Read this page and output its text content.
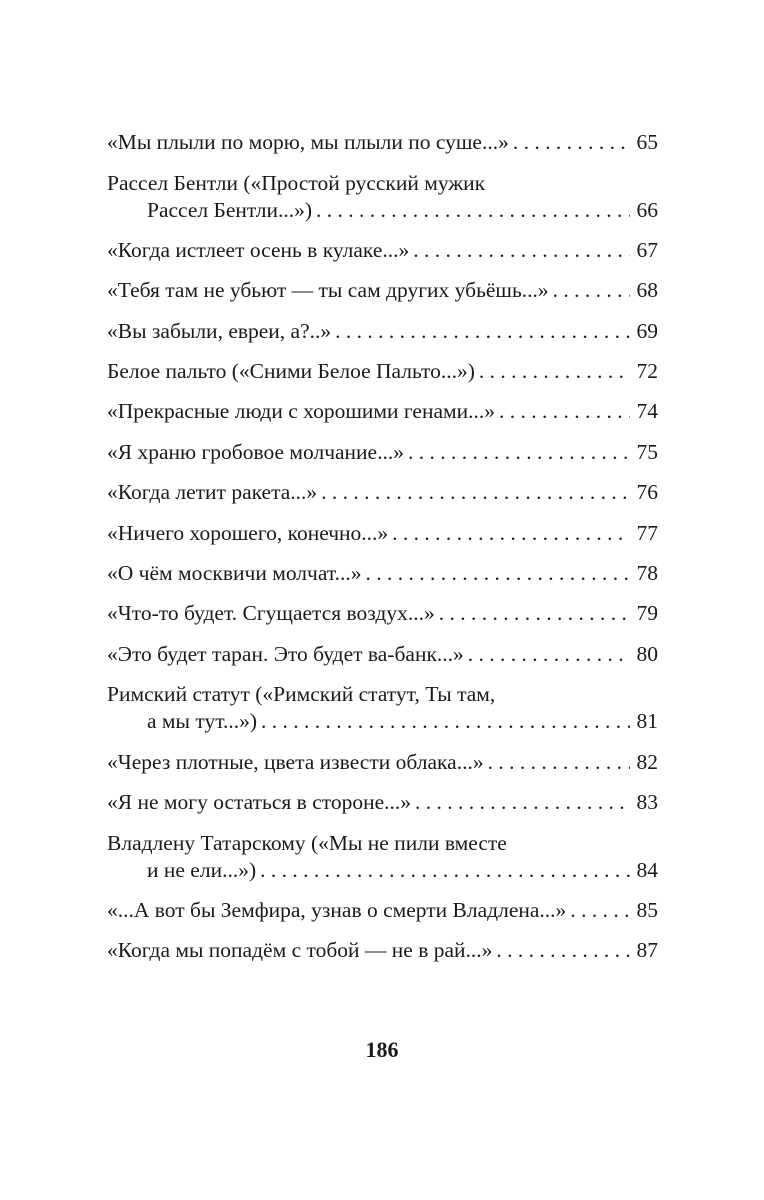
«Мы плыли по морю, мы плыли по суше...» . . .	65
Рассел Бентли («Простой русский мужик
Рассел Бентли...») . . .	66
«Когда истлеет осень в кулаке...» . . .	67
«Тебя там не убьют — ты сам других убьёшь...» . . .	68
«Вы забыли, евреи, а?..» . . .	69
Белое пальто («Сними Белое Пальто...») . . .	72
«Прекрасные люди с хорошими генами...» . . .	74
«Я храню гробовое молчание...» . . .	75
«Когда летит ракета...» . . .	76
«Ничего хорошего, конечно...» . . .	77
«О чём москвичи молчат...» . . .	78
«Что-то будет. Сгущается воздух...» . . .	79
«Это будет таран. Это будет ва-банк...» . . .	80
Римский статут («Римский статут, Ты там,
а мы тут...») . . .	81
«Через плотные, цвета извести облака...» . . .	82
«Я не могу остаться в стороне...» . . .	83
Владлену Татарскому («Мы не пили вместе
и не ели...») . . .	84
«...А вот бы Земфира, узнав о смерти Владлена...» . . .	85
«Когда мы попадём с тобой — не в рай...» . . .	87
186
